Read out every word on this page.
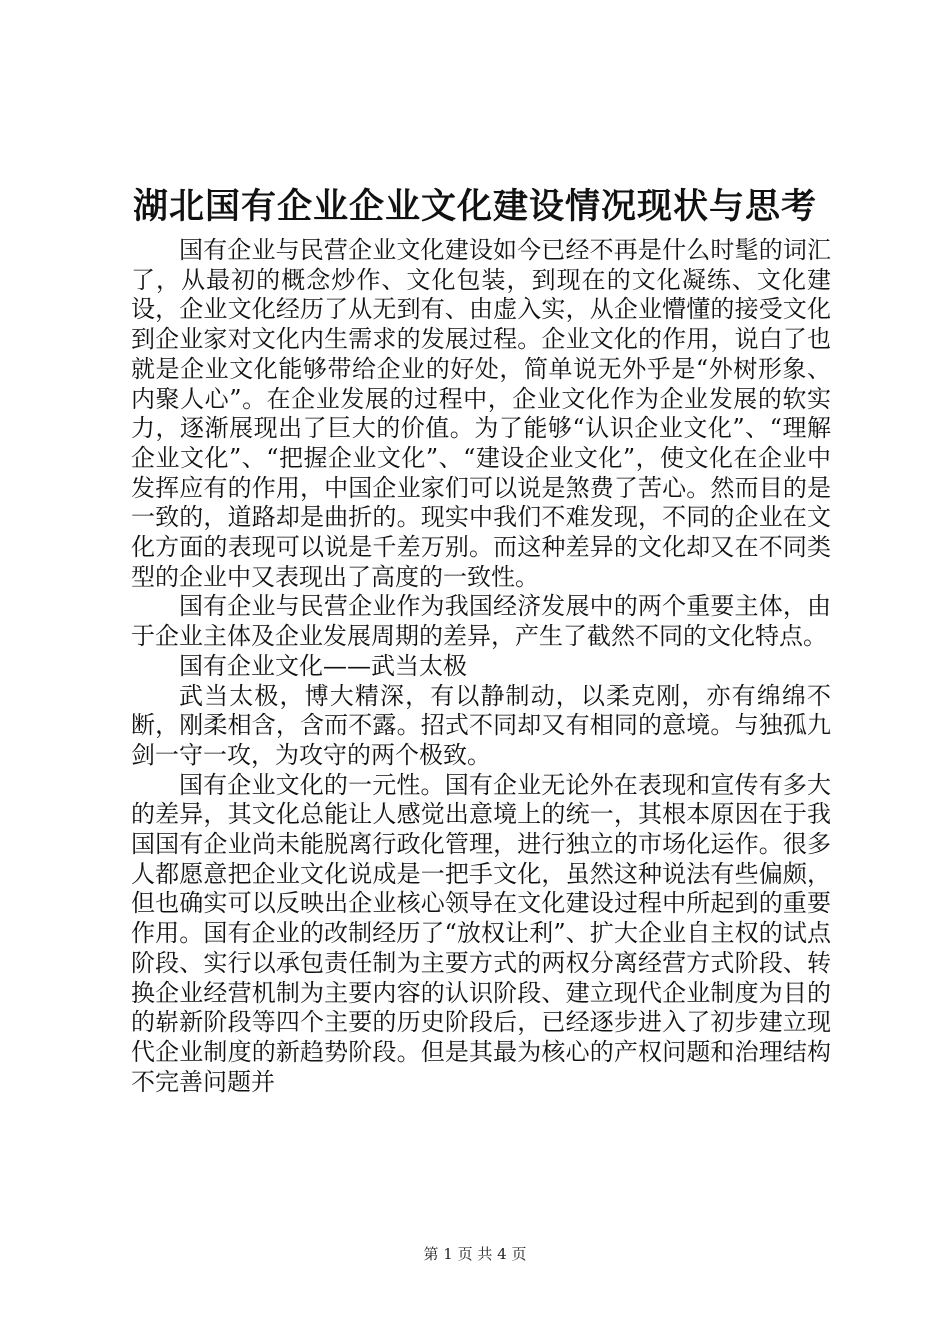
湖北国有企业企业文化建设情况现状与思考

国有企业与民营企业文化建设如今已经不再是什么时髦的词汇了，从最初的概念炒作、文化包装，到现在的文化凝练、文化建设，企业文化经历了从无到有、由虚入实，从企业懵懂的接受文化到企业家对文化内生需求的发展过程。企业文化的作用，说白了也就是企业文化能够带给企业的好处，简单说无外乎是“外树形象、内聚人心”。在企业发展的过程中，企业文化作为企业发展的软实力，逐渐展现出了巨大的价值。为了能够“认识企业文化”、“理解企业文化”、“把握企业文化”、“建设企业文化”，使文化在企业中发挥应有的作用，中国企业家们可以说是煞费了苦心。然而目的是一致的，道路却是曲折的。现实中我们不难发现，不同的企业在文化方面的表现可以说是千差万别。而这种差异的文化却又在不同类型的企业中又表现出了高度的一致性。

国有企业与民营企业作为我国经济发展中的两个重要主体，由于企业主体及企业发展周期的差异，产生了截然不同的文化特点。

国有企业文化——武当太极

武当太极，博大精深，有以静制动，以柔克刚，亦有绵绵不断，刚柔相含，含而不露。招式不同却又有相同的意境。与独孤九剑一守一攻，为攻守的两个极致。

国有企业文化的一元性。国有企业无论外在表现和宣传有多大的差异，其文化总能让人感觉出意境上的统一，其根本原因在于我国国有企业尚未能脱离行政化管理，进行独立的市场化运作。很多人都愿意把企业文化说成是一把手文化，虽然这种说法有些偏颇，但也确实可以反映出企业核心领导在文化建设过程中所起到的重要作用。国有企业的改制经历了“放权让利”、扩大企业自主权的试点阶段、实行以承包责任制为主要方式的两权分离经营方式阶段、转换企业经营机制为主要内容的认识阶段、建立现代企业制度为目的的崭新阶段等四个主要的历史阶段后，已经逐步进入了初步建立现代企业制度的新趋势阶段。但是其最为核心的产权问题和治理结构不完善问题并

第 1 页 共 4 页
